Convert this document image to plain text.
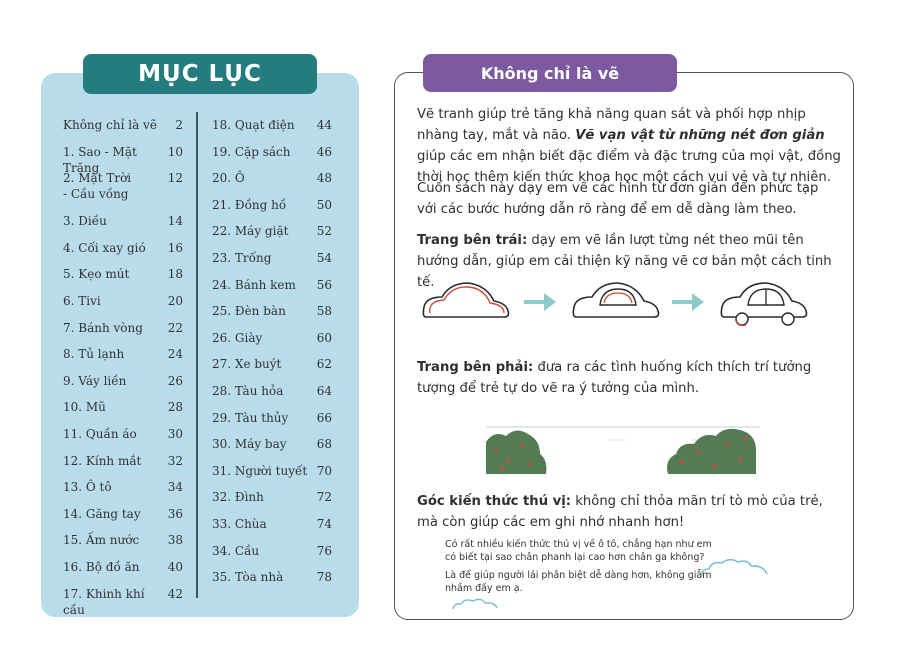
MỤC LỤC
Không chỉ là vẽ 2
1. Sao - Mặt Trăng
10
2. Mặt Trời
- Cầu vồng
12
3. Diều	14
4. Cối xay gió 16
5. Kẹo mút	18
6. Tivi	20
7. Bánh vòng 22
8. Tủ lạnh	24
9. Váy liền	26
10. Mũ	28
11. Quần áo	30
12. Kính mắt 32
13. Ô tô	34
14. Găng tay 36
15. Ấm nước 38
16. Bộ đồ ăn 40
17. Khinh khí cầu
42
18. Quạt điện 44
19. Cặp sách 46
20. Ô	48
21. Đồng hồ	50
22. Máy giặt 52
23. Trống	54
24. Bánh kem 56
25. Đèn bàn	58
26. Giày	60
27. Xe buýt	62
28. Tàu hỏa	64
29. Tàu thủy 66
30. Máy bay	68
31. Người tuyết 70
32. Đình	72
33. Chùa	74
34. Cầu	76
35. Tòa nhà	78
Không chỉ là vẽ
Vẽ tranh giúp trẻ tăng khả năng quan sát và phối hợp nhịp nhàng tay, mắt và não. Vẽ vạn vật từ những nét đơn giản giúp các em nhận biết đặc điểm và đặc trưng của mọi vật, đồng thời học thêm kiến thức khoa học một cách vui vẻ và tự nhiên.
Cuốn sách này dạy em vẽ các hình từ đơn giản đến phức tạp với các bước hướng dẫn rõ ràng để em dễ dàng làm theo.
Trang bên trái: dạy em vẽ lần lượt từng nét theo mũi tên hướng dẫn, giúp em cải thiện kỹ năng vẽ cơ bản một cách tinh tế.
Trang bên phải: đưa ra các tình huống kích thích trí tưởng tượng để trẻ tự do vẽ ra ý tưởng của mình.
Góc kiến thức thú vị: không chỉ thỏa mãn trí tò mò của trẻ, mà còn giúp các em ghi nhớ nhanh hơn!
Có rất nhiều kiến thức thú vị về ô tô, chẳng hạn như em có biết tại sao chân phanh lại cao hơn chân ga không?
Là để giúp người lái phân biệt dễ dàng hơn, không giẫm nhầm đấy em ạ.
